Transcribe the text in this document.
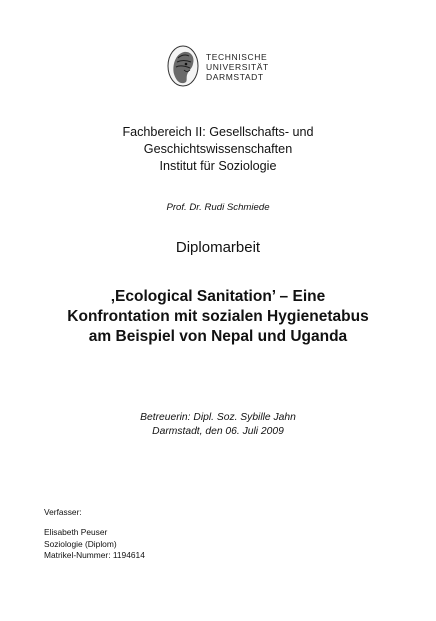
TECHNISCHE
UNIVERSITÄT
DARMSTADT
Fachbereich II: Gesellschafts- und
Geschichtswissenschaften
Institut für Soziologie
Prof. Dr. Rudi Schmiede
Diplomarbeit
‚Ecological Sanitation’ – Eine
Konfrontation mit sozialen Hygienetabus
am Beispiel von Nepal und Uganda
Betreuerin: Dipl. Soz. Sybille Jahn
Darmstadt, den 06. Juli 2009
Verfasser:
Elisabeth Peuser
Soziologie (Diplom)
Matrikel-Nummer: 1194614
